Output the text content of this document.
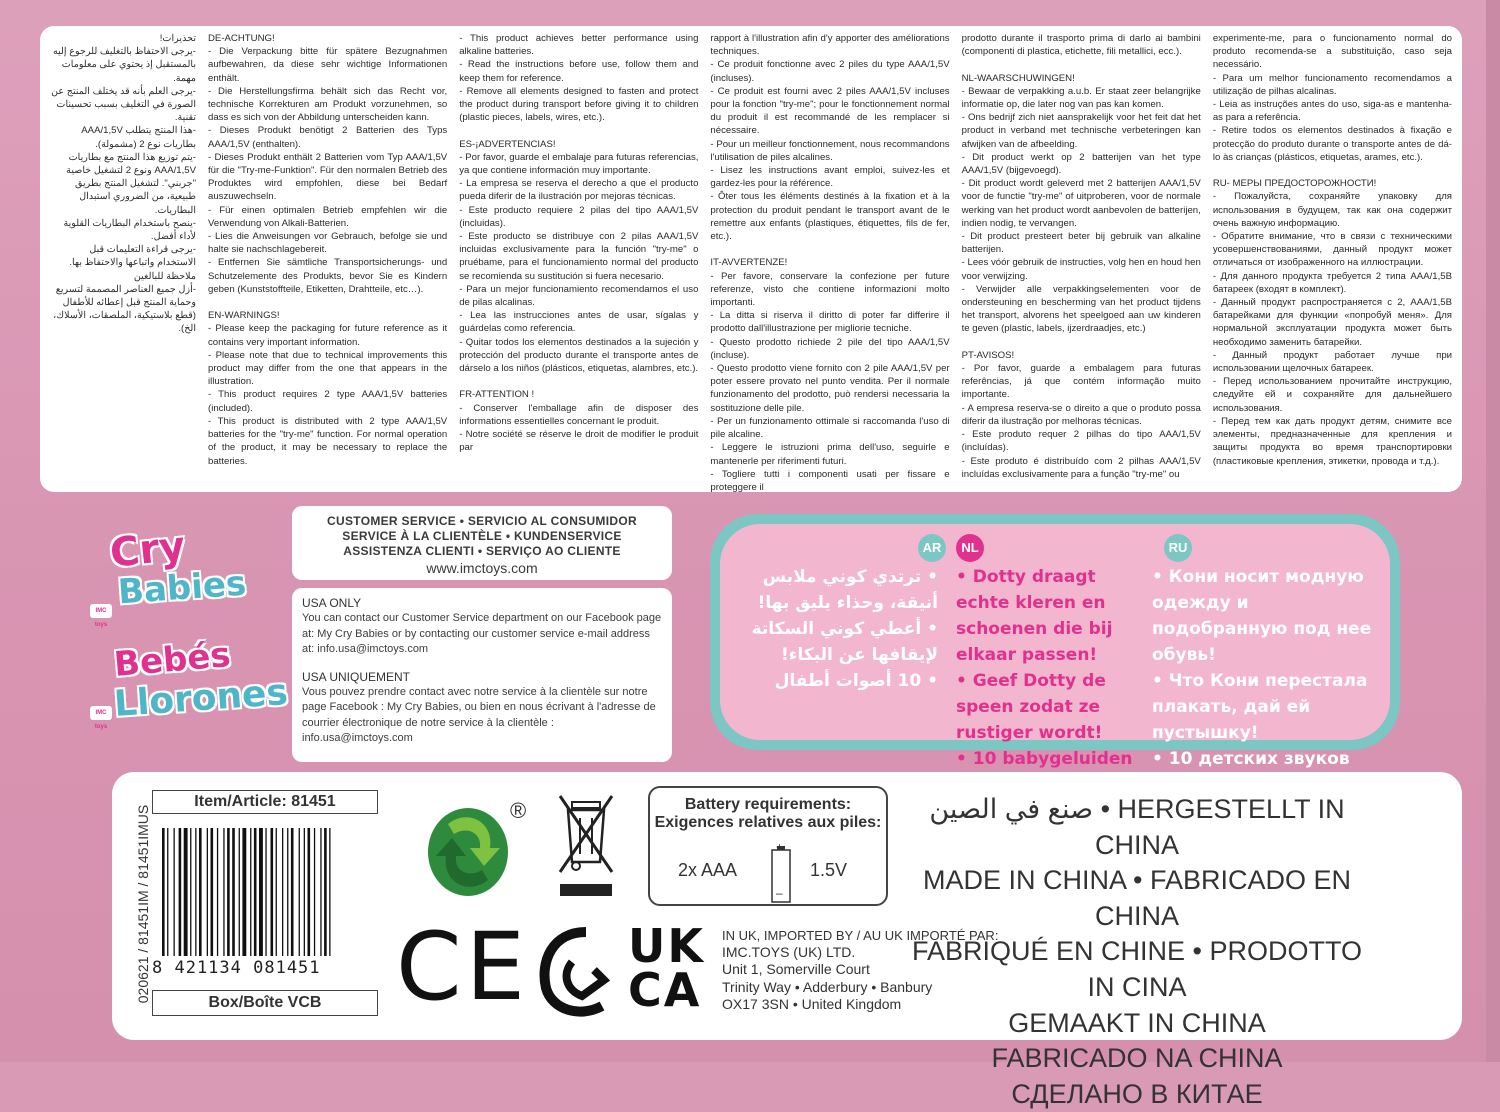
تحذيرات!
-يرجى الاحتفاظ بالتغليف للرجوع إليه بالمستقبل إذ يحتوي على معلومات مهمة.
-يرجى العلم بأنه قد يختلف المنتج عن الصورة في التغليف بسبب تحسينات تقنية.
-هذا المنتج يتطلب AAA/1,5V بطاريات نوع 2 (مشمولة).
-يتم توزيع هذا المنتج مع بطاريات AAA/1,5V ونوع 2 لتشغيل خاصية "جربني". لتشغيل المنتج بطريق طبيعية، من الضروري استبدال البطاريات.
-ينصح باستخدام البطاريات القلوية لأداء أفضل.
-يرجى قراءة التعليمات قبل الاستخدام واتباعها والاحتفاظ بها.
ملاحظة للبالغين
-أزل جميع العناصر المصممة لتسريع وحماية المنتج قبل إعطائه للأطفال (قطع بلاستيكية، الملصقات، الأسلاك، الخ).
DE-ACHTUNG!
- Die Verpackung bitte für spätere Bezugnahmen aufbewahren, da diese sehr wichtige Informationen enthält.
- Die Herstellungsfirma behält sich das Recht vor, technische Korrekturen am Produkt vorzunehmen, so dass es sich von der Abbildung unterscheiden kann.
- Dieses Produkt benötigt 2 Batterien des Typs AAA/1,5V (enthalten).
- Dieses Produkt enthält 2 Batterien vom Typ AAA/1,5V für die "Try-me-Funktion". Für den normalen Betrieb des Produktes wird empfohlen, diese bei Bedarf auszuwechseln.
- Für einen optimalen Betrieb empfehlen wir die Verwendung von Alkali-Batterien.
- Lies die Anweisungen vor Gebrauch, befolge sie und halte sie nachschlagebereit.
- Entfernen Sie sämtliche Transportsicherungs- und Schutzelemente des Produkts, bevor Sie es Kindern geben (Kunststoffteile, Etiketten, Drahtteile, etc…).

EN-WARNINGS!
- Please keep the packaging for future reference as it contains very important information.
- Please note that due to technical improvements this product may differ from the one that appears in the illustration.
- This product requires 2 type AAA/1,5V batteries (included).
- This product is distributed with 2 type AAA/1,5V batteries for the "try-me" function. For normal operation of the product, it may be necessary to replace the batteries.
- This product achieves better performance using alkaline batteries.
- Read the instructions before use, follow them and keep them for reference.
- Remove all elements designed to fasten and protect the product during transport before giving it to children (plastic pieces, labels, wires, etc.).

ES-¡ADVERTENCIAS!
- Por favor, guarde el embalaje para futuras referencias, ya que contiene información muy importante.
- La empresa se reserva el derecho a que el producto pueda diferir de la ilustración por mejoras técnicas.
- Este producto requiere 2 pilas del tipo AAA/1,5V (incluidas).
- Este producto se distribuye con 2 pilas AAA/1,5V incluidas exclusivamente para la función "try-me" o pruébame, para el funcionamiento normal del producto se recomienda su sustitución si fuera necesario.
- Para un mejor funcionamiento recomendamos el uso de pilas alcalinas.
- Lea las instrucciones antes de usar, sígalas y guárdelas como referencia.
- Quitar todos los elementos destinados a la sujeción y protección del producto durante el transporte antes de dárselo a los niños (plásticos, etiquetas, alambres, etc.).

FR-ATTENTION !
- Conserver l'emballage afin de disposer des informations essentielles concernant le produit.
- Notre société se réserve le droit de modifier le produit par
rapport à l'illustration afin d'y apporter des améliorations techniques.
- Ce produit fonctionne avec 2 piles du type AAA/1,5V (incluses).
- Ce produit est fourni avec 2 piles AAA/1,5V incluses pour la fonction "try-me"; pour le fonctionnement normal du produit il est recommandé de les remplacer si nécessaire.
- Pour un meilleur fonctionnement, nous recommandons l'utilisation de piles alcalines.
- Lisez les instructions avant emploi, suivez-les et gardez-les pour la référence.
- Ôter tous les éléments destinés à la fixation et à la protection du produit pendant le transport avant de le remettre aux enfants (plastiques, étiquettes, fils de fer, etc.).

IT-AVVERTENZE!
- Per favore, conservare la confezione per future referenze, visto che contiene informazioni molto importanti.
- La ditta si riserva il diritto di poter far differire il prodotto dall'illustrazione per migliorie tecniche.
- Questo prodotto richiede 2 pile del tipo AAA/1,5V (incluse).
- Questo prodotto viene fornito con 2 pile AAA/1,5V per poter essere provato nel punto vendita. Per il normale funzionamento del prodotto, può rendersi necessaria la sostituzione delle pile.
- Per un funzionamento ottimale si raccomanda l'uso di pile alcaline.
- Leggere le istruzioni prima dell'uso, seguirle e mantenerle per riferimenti futuri.
- Togliere tutti i componenti usati per fissare e proteggere il
prodotto durante il trasporto prima di darlo ai bambini (componenti di plastica, etichette, fili metallici, ecc.).

NL-WAARSCHUWINGEN!
- Bewaar de verpakking a.u.b. Er staat zeer belangrijke informatie op, die later nog van pas kan komen.
- Ons bedrijf zich niet aansprakelijk voor het feit dat het product in verband met technische verbeteringen kan afwijken van de afbeelding.
- Dit product werkt op 2 batterijen van het type AAA/1,5V (bijgevoegd).
- Dit product wordt geleverd met 2 batterijen AAA/1,5V voor de functie "try-me" of uitproberen, voor de normale werking van het product wordt aanbevolen de batterijen, indien nodig, te vervangen.
- Dit product presteert beter bij gebruik van alkaline batterijen.
- Lees vóór gebruik de instructies, volg hen en houd hen voor verwijzing.
- Verwijder alle verpakkingselementen voor de ondersteuning en bescherming van het product tijdens het transport, alvorens het speelgoed aan uw kinderen te geven (plastic, labels, ijzerdraadjes, etc.)

PT-AVISOS!
- Por favor, guarde a embalagem para futuras referências, já que contém informação muito importante.
- A empresa reserva-se o direito a que o produto possa diferir da ilustração por melhoras técnicas.
- Este produto requer 2 pilhas do tipo AAA/1,5V (incluídas).
- Este produto é distribuído com 2 pilhas AAA/1,5V incluídas exclusivamente para a função "try-me" ou
experimente-me, para o funcionamento normal do produto recomenda-se a substituição, caso seja necessário.
- Para um melhor funcionamento recomendamos a utilização de pilhas alcalinas.
- Leia as instruções antes do uso, siga-as e mantenha-as para a referência.
- Retire todos os elementos destinados à fixação e protecção do produto durante o transporte antes de dá-lo às crianças (plásticos, etiquetas, arames, etc.).

RU- МЕРЫ ПРЕДОСТОРОЖНОСТИ!
- Пожалуйста, сохраняйте упаковку для использования в будущем, так как она содержит очень важную информацию.
- Обратите внимание, что в связи с техническими усовершенствованиями, данный продукт может отличаться от изображенного на иллюстрации.
- Для данного продукта требуется 2 типа AAA/1,5В батареек (входят в комплект).
- Данный продукт распространяется с 2, AAA/1,5В батарейками для функции «попробуй меня». Для нормальной эксплуатации продукта может быть необходимо заменить батарейки.
- Данный продукт работает лучше при использовании щелочных батареек.
- Перед использованием прочитайте инструкцию, следуйте ей и сохраняйте для дальнейшего использования.
- Перед тем как дать продукт детям, снимите все элементы, предназначенные для крепления и защиты продукта во время транспортировки (пластиковые крепления, этикетки, провода и т.д.).
Cry
Babies
IMC toys
Bebés
Llorones
IMC toys
CUSTOMER SERVICE • SERVICIO AL CONSUMIDOR
SERVICE À LA CLIENTÈLE • KUNDENSERVICE
ASSISTENZA CLIENTI • SERVIÇO AO CLIENTE
www.imctoys.com
USA ONLY
You can contact our Customer Service department on our Facebook page at: My Cry Babies or by contacting our customer service e-mail address at: info.usa@imctoys.com
USA UNIQUEMENT
Vous pouvez prendre contact avec notre service à la clientèle sur notre page Facebook : My Cry Babies, ou bien en nous écrivant à l'adresse de courrier électronique de notre service à la clientèle : info.usa@imctoys.com
AR	NL	RU
• ترتدي كوني ملابس أنيقة، وحذاء يليق بها!
• أعطي كوني السكاتة لإيقافها عن البكاء!
• 10 أصوات أطفال
• Dotty draagt echte kleren en schoenen die bij elkaar passen!
• Geef Dotty de speen zodat ze rustiger wordt!
• 10 babygeluiden
• Кони носит модную одежду и подобранную под нее обувь!
• Что Кони перестала плакать, дай ей пустышку!
• 10 детских звуков
020621 / 81451IM / 81451IMUS
Item/Article: 81451
8 421134 081451
Box/Boîte VCB
®	Battery requirements:
Exigences relatives aux piles:
2x AAA	1.5V
+
–
CE UK
CA
IN UK, IMPORTED BY / AU UK IMPORTÉ PAR:
IMC.TOYS (UK) LTD.
Unit 1, Somerville Court
Trinity Way • Adderbury • Banbury
OX17 3SN • United Kingdom
صنع في الصين • HERGESTELLT IN CHINA
MADE IN CHINA • FABRICADO EN CHINA
FABRIQUÉ EN CHINE • PRODOTTO IN CINA
GEMAAKT IN CHINA
FABRICADO NA CHINA
СДЕЛАНО В КИТАЕ
